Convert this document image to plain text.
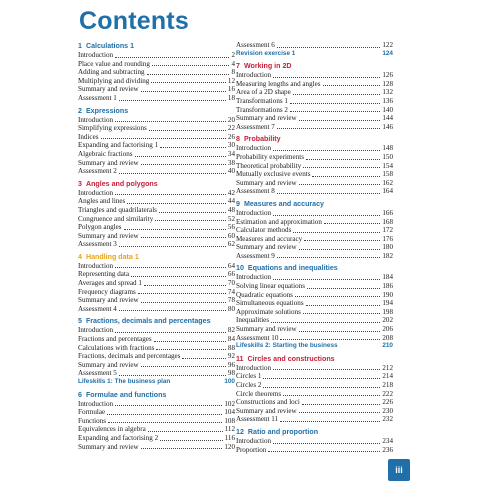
Contents
1 Calculations 1
Introduction	2
Place value and rounding	4
Adding and subtracting	8
Multiplying and dividing	12
Summary and review	16
Assessment 1	18
2 Expressions
Introduction	20
Simplifying expressions	22
Indices	26
Expanding and factorising 1	30
Algebraic fractions	34
Summary and review	38
Assessment 2	40
3 Angles and polygons
Introduction	42
Angles and lines	44
Triangles and quadrilaterals	48
Congruence and similarity	52
Polygon angles	56
Summary and review	60
Assessment 3	62
4 Handling data 1
Introduction	64
Representing data	66
Averages and spread 1	70
Frequency diagrams	74
Summary and review	78
Assessment 4	80
5 Fractions, decimals and percentages
Introduction	82
Fractions and percentages	84
Calculations with fractions	88
Fractions, decimals and percentages	92
Summary and review	96
Assessment 5	98
Lifeskills 1: The business plan	100
6 Formulae and functions
Introduction	102
Formulae	104
Functions	108
Equivalences in algebra	112
Expanding and factorising 2	116
Summary and review	120
Assessment 6	122
Revision exercise 1	124
7 Working in 2D
Introduction	126
Measuring lengths and angles	128
Area of a 2D shape	132
Transformations 1	136
Transformations 2	140
Summary and review	144
Assessment 7	146
8 Probability
Introduction	148
Probability experiments	150
Theoretical probability	154
Mutually exclusive events	158
Summary and review	162
Assessment 8	164
9 Measures and accuracy
Introduction	166
Estimation and approximation	168
Calculator methods	172
Measures and accuracy	176
Summary and review	180
Assessment 9	182
10 Equations and inequalities
Introduction	184
Solving linear equations	186
Quadratic equations	190
Simultaneous equations	194
Approximate solutions	198
Inequalities	202
Summary and review	206
Assessment 10	208
Lifeskills 2: Starting the business	210
11 Circles and constructions
Introduction	212
Circles 1	214
Circles 2	218
Circle theorems	222
Constructions and loci	226
Summary and review	230
Assessment 11	232
12 Ratio and proportion
Introduction	234
Proportion	236
iii
